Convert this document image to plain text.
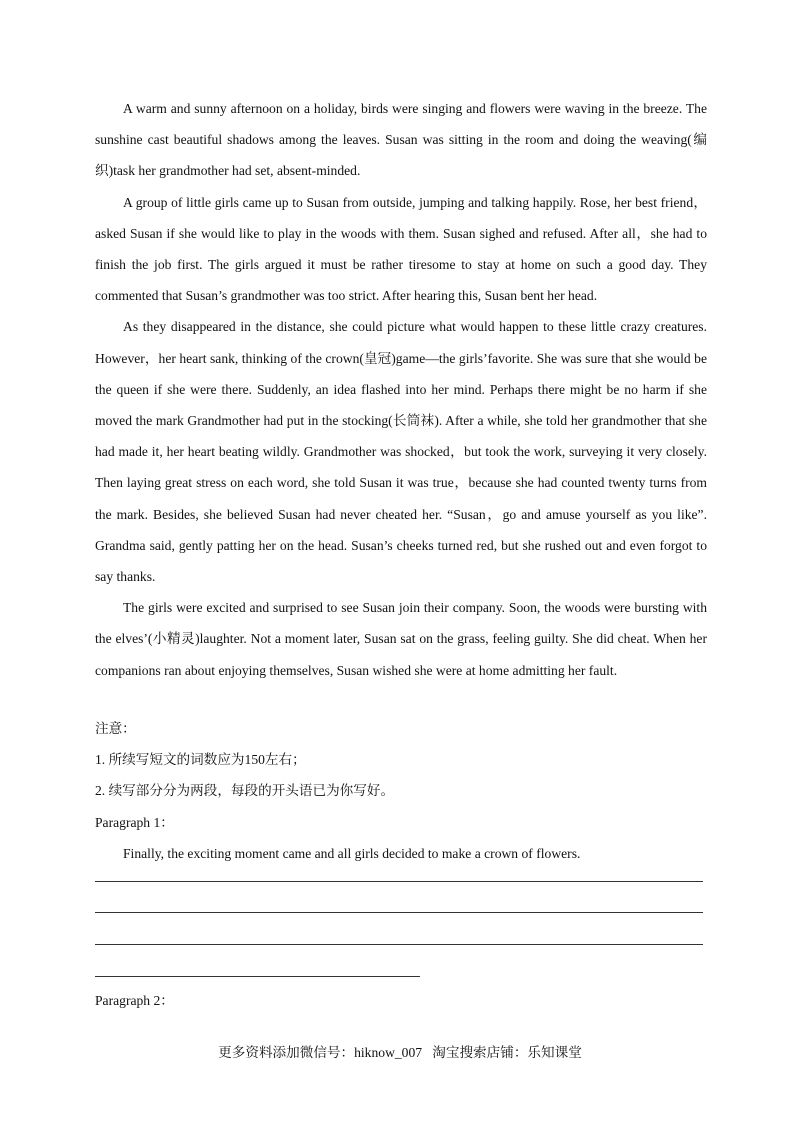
A warm and sunny afternoon on a holiday, birds were singing and flowers were waving in the breeze. The sunshine cast beautiful shadows among the leaves. Susan was sitting in the room and doing the weaving(编织)task her grandmother had set, absent-minded.

A group of little girls came up to Susan from outside, jumping and talking happily. Rose, her best friend，asked Susan if she would like to play in the woods with them. Susan sighed and refused. After all，she had to finish the job first. The girls argued it must be rather tiresome to stay at home on such a good day. They commented that Susan’s grandmother was too strict. After hearing this, Susan bent her head.

As they disappeared in the distance, she could picture what would happen to these little crazy creatures. However，her heart sank, thinking of the crown(皇冠)game—the girls’favorite. She was sure that she would be the queen if she were there. Suddenly, an idea flashed into her mind. Perhaps there might be no harm if she moved the mark Grandmother had put in the stocking(长筒袜). After a while, she told her grandmother that she had made it, her heart beating wildly. Grandmother was shocked，but took the work, surveying it very closely. Then laying great stress on each word, she told Susan it was true，because she had counted twenty turns from the mark. Besides, she believed Susan had never cheated her. “Susan，go and amuse yourself as you like”. Grandma said, gently patting her on the head. Susan’s cheeks turned red, but she rushed out and even forgot to say thanks.

The girls were excited and surprised to see Susan join their company. Soon, the woods were bursting with the elves’(小精灵)laughter. Not a moment later, Susan sat on the grass, feeling guilty. She did cheat. When her companions ran about enjoying themselves, Susan wished she were at home admitting her fault.

注意：
1. 所续写短文的词数应为150左右；
2. 续写部分分为两段，每段的开头语已为你写好。
Paragraph 1：
Finally, the exciting moment came and all girls decided to make a crown of flowers.
Paragraph 2：
更多资料添加微信号：hiknow_007   淘宝搜索店铺：乐知课堂
